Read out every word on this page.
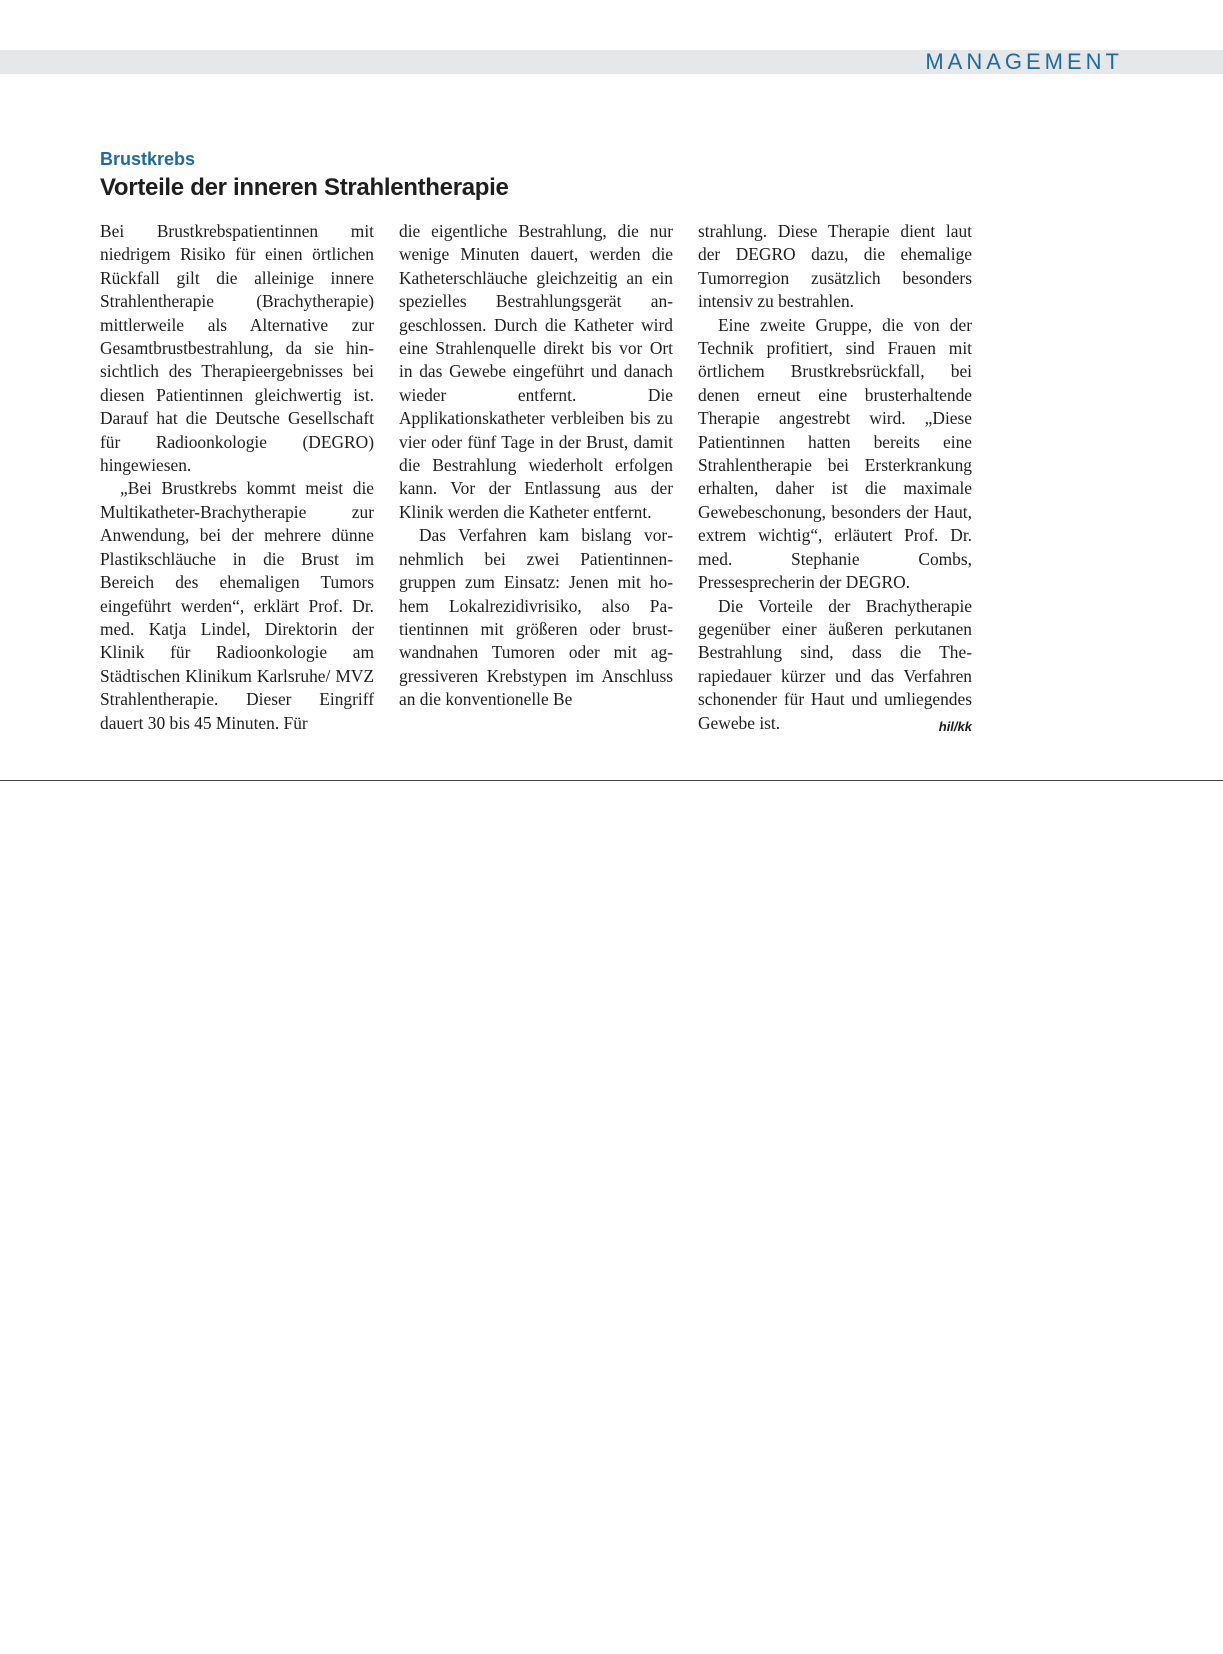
MANAGEMENT
Brustkrebs
Vorteile der inneren Strahlentherapie

Bei Brustkrebspatientinnen mit niedrigem Risiko für einen örtlichen Rückfall gilt die alleinige innere Strahlentherapie (Brachytherapie) mittlerweile als Alternative zur Gesamtbrustbestrahlung, da sie hinsichtlich des Therapieergebnisses bei diesen Patientinnen gleichwertig ist. Darauf hat die Deutsche Gesellschaft für Radioonkologie (DEGRO) hingewiesen.

„Bei Brustkrebs kommt meist die Multikatheter-Brachytherapie zur Anwendung, bei der mehrere dünne Plastikschläuche in die Brust im Bereich des ehemaligen Tumors eingeführt werden“, erklärt Prof. Dr. med. Katja Lindel, Direktorin der Klinik für Radioonkologie am Städtischen Klinikum Karlsruhe/ MVZ Strahlentherapie. Dieser Eingriff dauert 30 bis 45 Minuten. Für

die eigentliche Bestrahlung, die nur wenige Minuten dauert, werden die Katheterschläuche gleichzeitig an ein spezielles Bestrahlungsgerät angeschlossen. Durch die Katheter wird eine Strahlenquelle direkt bis vor Ort in das Gewebe eingeführt und danach wieder entfernt. Die Applikationskatheter verbleiben bis zu vier oder fünf Tage in der Brust, damit die Bestrahlung wiederholt erfolgen kann. Vor der Entlassung aus der Klinik werden die Katheter entfernt.

Das Verfahren kam bislang vornehmlich bei zwei Patientinnengruppen zum Einsatz: Jenen mit hohem Lokalrezidivrisiko, also Patientinnen mit größeren oder brustwandnahen Tumoren oder mit aggressiveren Krebstypen im Anschluss an die konventionelle Be

strahlung. Diese Therapie dient laut der DEGRO dazu, die ehemalige Tumorregion zusätzlich besonders intensiv zu bestrahlen.

Eine zweite Gruppe, die von der Technik profitiert, sind Frauen mit örtlichem Brustkrebsrückfall, bei denen erneut eine brusterhaltende Therapie angestrebt wird. „Diese Patientinnen hatten bereits eine Strahlentherapie bei Ersterkrankung erhalten, daher ist die maximale Gewebeschonung, besonders der Haut, extrem wichtig“, erläutert Prof. Dr. med. Stephanie Combs, Pressesprecherin der DEGRO.

Die Vorteile der Brachytherapie gegenüber einer äußeren perkutanen Bestrahlung sind, dass die Therapiedauer kürzer und das Verfahren schonender für Haut und umliegendes Gewebe ist.	hil/kk
